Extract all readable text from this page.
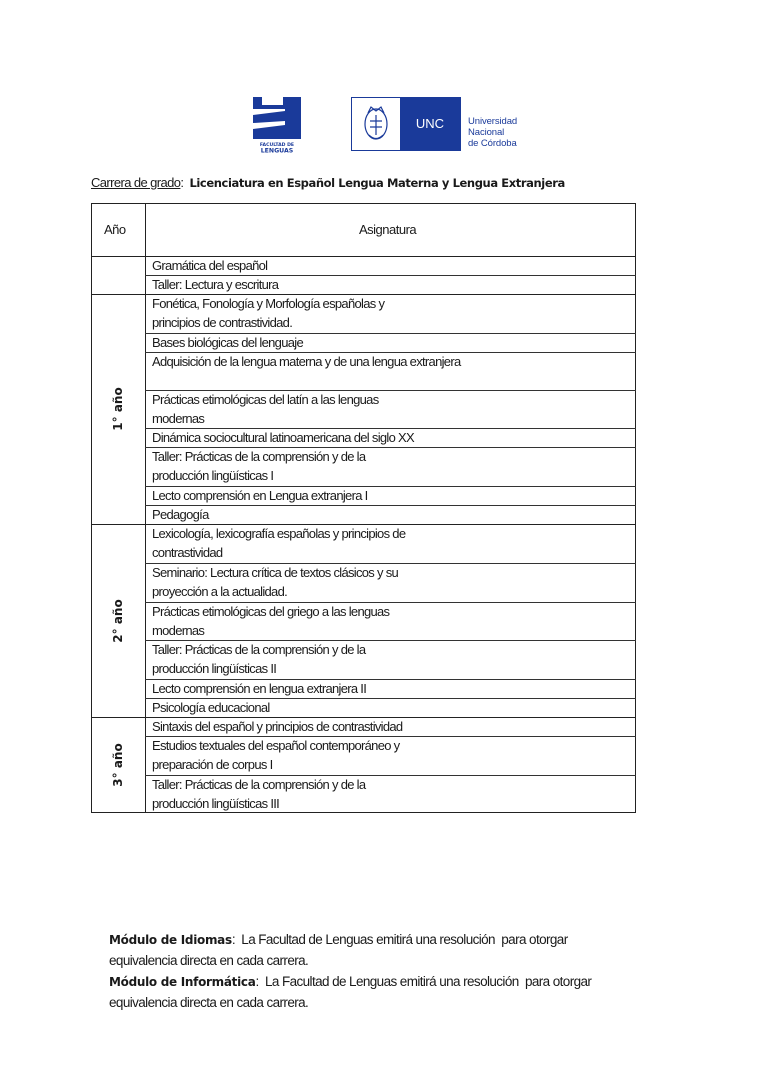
FACULTAD DE
LENGUAS
UNC	Universidad
Nacional
de Córdoba
Carrera de grado: Licenciatura en Español Lengua Materna y Lengua Extranjera
Año	Asignatura
Gramática del español
Taller: Lectura y escritura
Fonética, Fonología y Morfología españolas y
principios de contrastividad.
Bases biológicas del lenguaje
Adquisición de la lengua materna y de una lengua extranjera

Prácticas etimológicas del latín a las lenguas
modernas
Dinámica sociocultural latinoamericana del siglo XX
Taller: Prácticas de la comprensión y de la
producción lingüísticas I
Lecto comprensión en Lengua extranjera I
Pedagogía
1° año
Lexicología, lexicografía españolas y principios de
contrastividad
Seminario: Lectura crítica de textos clásicos y su
proyección a la actualidad.
Prácticas etimológicas del griego a las lenguas
modernas
Taller: Prácticas de la comprensión y de la
producción lingüísticas II
Lecto comprensión en lengua extranjera II
Psicología educacional
2° año
Sintaxis del español y principios de contrastividad
Estudios textuales del español contemporáneo y
preparación de corpus I
Taller: Prácticas de la comprensión y de la
producción lingüísticas III
3° año
Módulo de Idiomas:  La Facultad de Lenguas emitirá una resolución  para otorgar
equivalencia directa en cada carrera.
Módulo de Informática:  La Facultad de Lenguas emitirá una resolución  para otorgar
equivalencia directa en cada carrera.
